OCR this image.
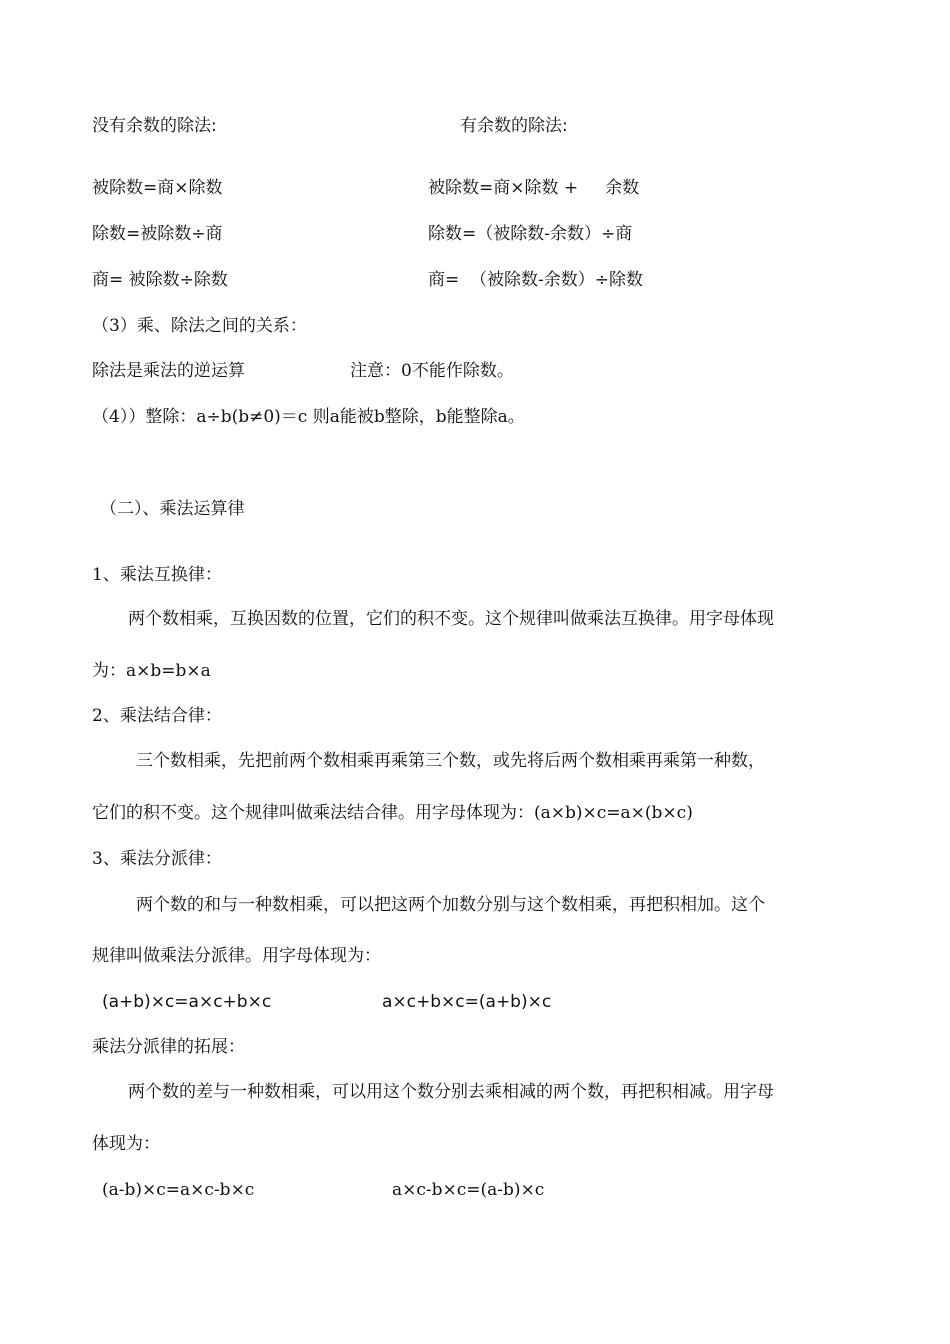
没有余数的除法:	有余数的除法:
被除数=商×除数	被除数=商×除数 +     余数
除数=被除数÷商	除数=（被除数-余数）÷商
商= 被除数÷除数	商=  （被除数-余数）÷除数
（3）乘、除法之间的关系：
除法是乘法的逆运算	注意：0不能作除数。
（4））整除：a÷b(b≠0)＝c 则a能被b整除，b能整除a。
（二）、乘法运算律
1、乘法互换律：
两个数相乘，互换因数的位置，它们的积不变。这个规律叫做乘法互换律。用字母体现
为：a×b=b×a
2、乘法结合律：
三个数相乘，先把前两个数相乘再乘第三个数，或先将后两个数相乘再乘第一种数，
它们的积不变。这个规律叫做乘法结合律。用字母体现为：(a×b)×c=a×(b×c)
3、乘法分派律：
两个数的和与一种数相乘，可以把这两个加数分别与这个数相乘，再把积相加。这个
规律叫做乘法分派律。用字母体现为：
(a+b)×c=a×c+b×c	a×c+b×c=(a+b)×c
乘法分派律的拓展：
两个数的差与一种数相乘，可以用这个数分别去乘相减的两个数，再把积相减。用字母
体现为：
(a-b)×c=a×c-b×c	a×c-b×c=(a-b)×c
